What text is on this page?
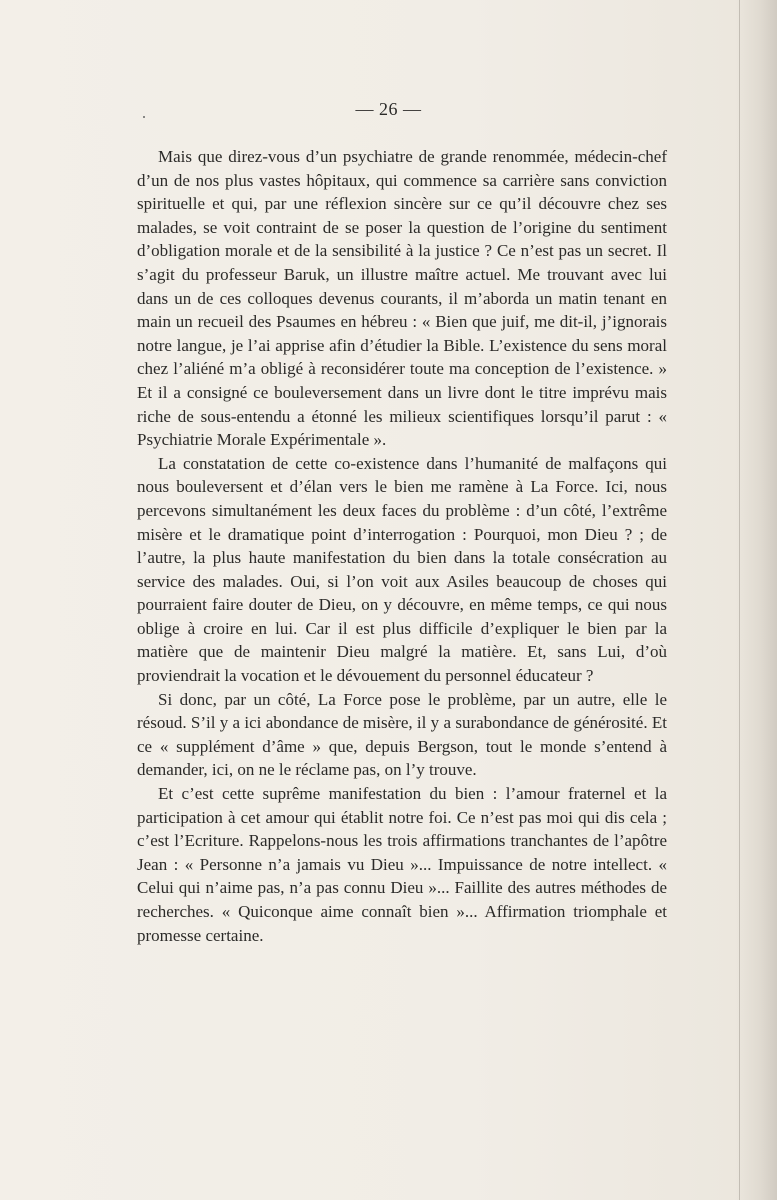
— 26 —

Mais que direz-vous d’un psychiatre de grande renommée, médecin-chef d’un de nos plus vastes hôpitaux, qui commence sa carrière sans conviction spirituelle et qui, par une réflexion sincère sur ce qu’il découvre chez ses malades, se voit contraint de se poser la question de l’origine du sentiment d’obligation morale et de la sensibilité à la justice ? Ce n’est pas un secret. Il s’agit du professeur Baruk, un illustre maître actuel. Me trouvant avec lui dans un de ces colloques devenus courants, il m’aborda un matin tenant en main un recueil des Psaumes en hébreu : « Bien que juif, me dit-il, j’ignorais notre langue, je l’ai apprise afin d’étudier la Bible. L’existence du sens moral chez l’aliéné m’a obligé à reconsidérer toute ma conception de l’existence. » Et il a consigné ce bouleversement dans un livre dont le titre imprévu mais riche de sous-entendu a étonné les milieux scientifiques lorsqu’il parut : « Psychiatrie Morale Expérimentale ».

La constatation de cette co-existence dans l’humanité de malfaçons qui nous bouleversent et d’élan vers le bien me ramène à La Force. Ici, nous percevons simultanément les deux faces du problème : d’un côté, l’extrême misère et le dramatique point d’interrogation : Pourquoi, mon Dieu ? ; de l’autre, la plus haute manifestation du bien dans la totale consécration au service des malades. Oui, si l’on voit aux Asiles beaucoup de choses qui pourraient faire douter de Dieu, on y découvre, en même temps, ce qui nous oblige à croire en lui. Car il est plus difficile d’expliquer le bien par la matière que de maintenir Dieu malgré la matière. Et, sans Lui, d’où proviendrait la vocation et le dévouement du personnel éducateur ?

Si donc, par un côté, La Force pose le problème, par un autre, elle le résoud. S’il y a ici abondance de misère, il y a surabondance de générosité. Et ce « supplément d’âme » que, depuis Bergson, tout le monde s’entend à demander, ici, on ne le réclame pas, on l’y trouve.

Et c’est cette suprême manifestation du bien : l’amour fraternel et la participation à cet amour qui établit notre foi. Ce n’est pas moi qui dis cela ; c’est l’Ecriture. Rappelons-nous les trois affirmations tranchantes de l’apôtre Jean : « Personne n’a jamais vu Dieu »... Impuissance de notre intellect. « Celui qui n’aime pas, n’a pas connu Dieu »... Faillite des autres méthodes de recherches. « Quiconque aime connaît bien »... Affirmation triomphale et promesse certaine.
